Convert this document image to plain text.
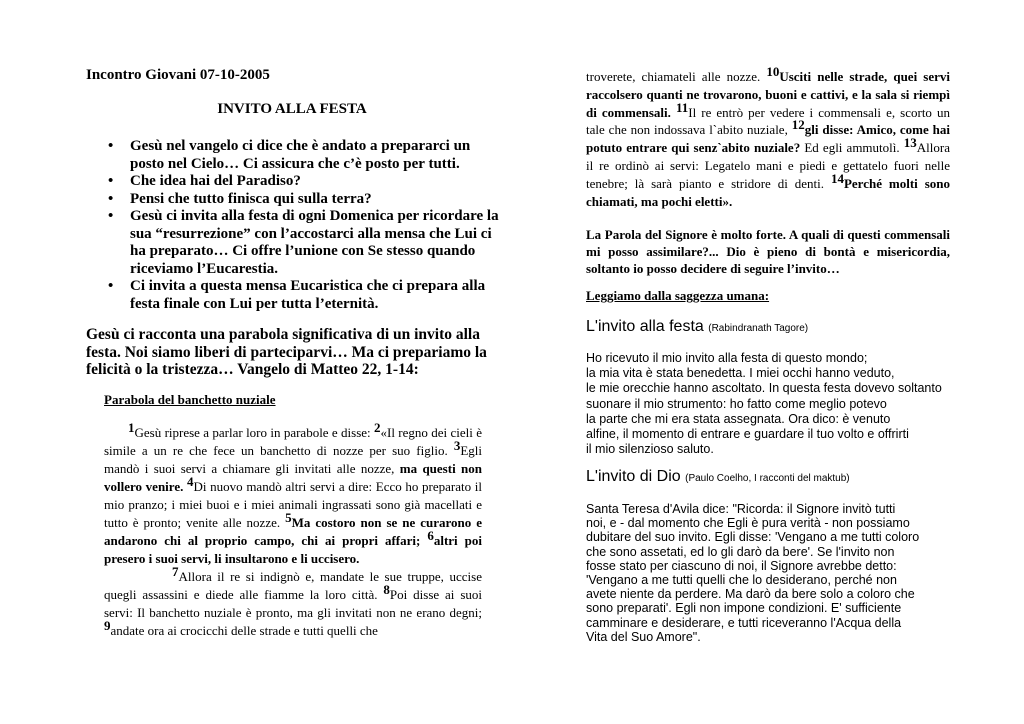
Incontro Giovani 07-10-2005
INVITO ALLA FESTA
• Gesù nel vangelo ci dice che è andato a prepararci un posto nel Cielo… Ci assicura che c’è posto per tutti.
• Che idea hai del Paradiso?
• Pensi che tutto finisca qui sulla terra?
• Gesù ci invita alla festa di ogni Domenica per ricordare la sua “resurrezione” con l’accostarci alla mensa che Lui ci ha preparato… Ci offre l’unione con Se stesso quando riceviamo l’Eucarestia.
• Ci invita a questa mensa Eucaristica che ci prepara alla festa finale con Lui per tutta l’eternità.
Gesù ci racconta una parabola significativa di un invito alla festa. Noi siamo liberi di parteciparvi… Ma ci prepariamo la felicità o la tristezza… Vangelo di Matteo 22, 1-14:
Parabola del banchetto nuziale
$^1$Gesù riprese a parlar loro in parabole e disse: $^2$«Il regno dei cieli è simile a un re che fece un banchetto di nozze per suo figlio. $^3$Egli mandò i suoi servi a chiamare gli invitati alle nozze, ma questi non vollero venire. $^4$Di nuovo mandò altri servi a dire: Ecco ho preparato il mio pranzo; i miei buoi e i miei animali ingrassati sono già macellati e tutto è pronto; venite alle nozze. $^5$Ma costoro non se ne curarono e andarono chi al proprio campo, chi ai propri affari; $^6$altri poi presero i suoi servi, li insultarono e li uccisero.
$^7$Allora il re si indignò e, mandate le sue truppe, uccise quegli assassini e diede alle fiamme la loro città. $^8$Poi disse ai suoi servi: Il banchetto nuziale è pronto, ma gli invitati non ne erano degni; $^9$andate ora ai crocicchi delle strade e tutti quelli che
troverete, chiamateli alle nozze. $^{10}$Usciti nelle strade, quei servi raccolsero quanti ne trovarono, buoni e cattivi, e la sala si riempì di commensali. $^{11}$Il re entrò per vedere i commensali e, scorto un tale che non indossava l`abito nuziale, $^{12}$gli disse: Amico, come hai potuto entrare qui senz`abito nuziale? Ed egli ammutolì. $^{13}$Allora il re ordinò ai servi: Legatelo mani e piedi e gettatelo fuori nelle tenebre; là sarà pianto e stridore di denti. $^{14}$Perché molti sono chiamati, ma pochi eletti».
La Parola del Signore è molto forte. A quali di questi commensali mi posso assimilare?... Dio è pieno di bontà e misericordia, soltanto io posso decidere di seguire l’invito…
Leggiamo dalla saggezza umana:
L'invito alla festa (Rabindranath Tagore)
Ho ricevuto il mio invito alla festa di questo mondo;
la mia vita è stata benedetta. I miei occhi hanno veduto,
le mie orecchie hanno ascoltato. In questa festa dovevo soltanto
suonare il mio strumento: ho fatto come meglio potevo
la parte che mi era stata assegnata. Ora dico: è venuto
alfine, il momento di entrare e guardare il tuo volto e offrirti
il mio silenzioso saluto.
L'invito di Dio (Paulo Coelho, I racconti del maktub)
Santa Teresa d'Avila dice: "Ricorda: il Signore invitò tutti
noi, e - dal momento che Egli è pura verità - non possiamo
dubitare del suo invito. Egli disse: 'Vengano a me tutti coloro
che sono assetati, ed lo gli darò da bere'. Se l'invito non
fosse stato per ciascuno di noi, il Signore avrebbe detto:
'Vengano a me tutti quelli che lo desiderano, perché non
avete niente da perdere. Ma darò da bere solo a coloro che
sono preparati'. Egli non impone condizioni. E' sufficiente
camminare e desiderare, e tutti riceveranno l'Acqua della
Vita del Suo Amore".
